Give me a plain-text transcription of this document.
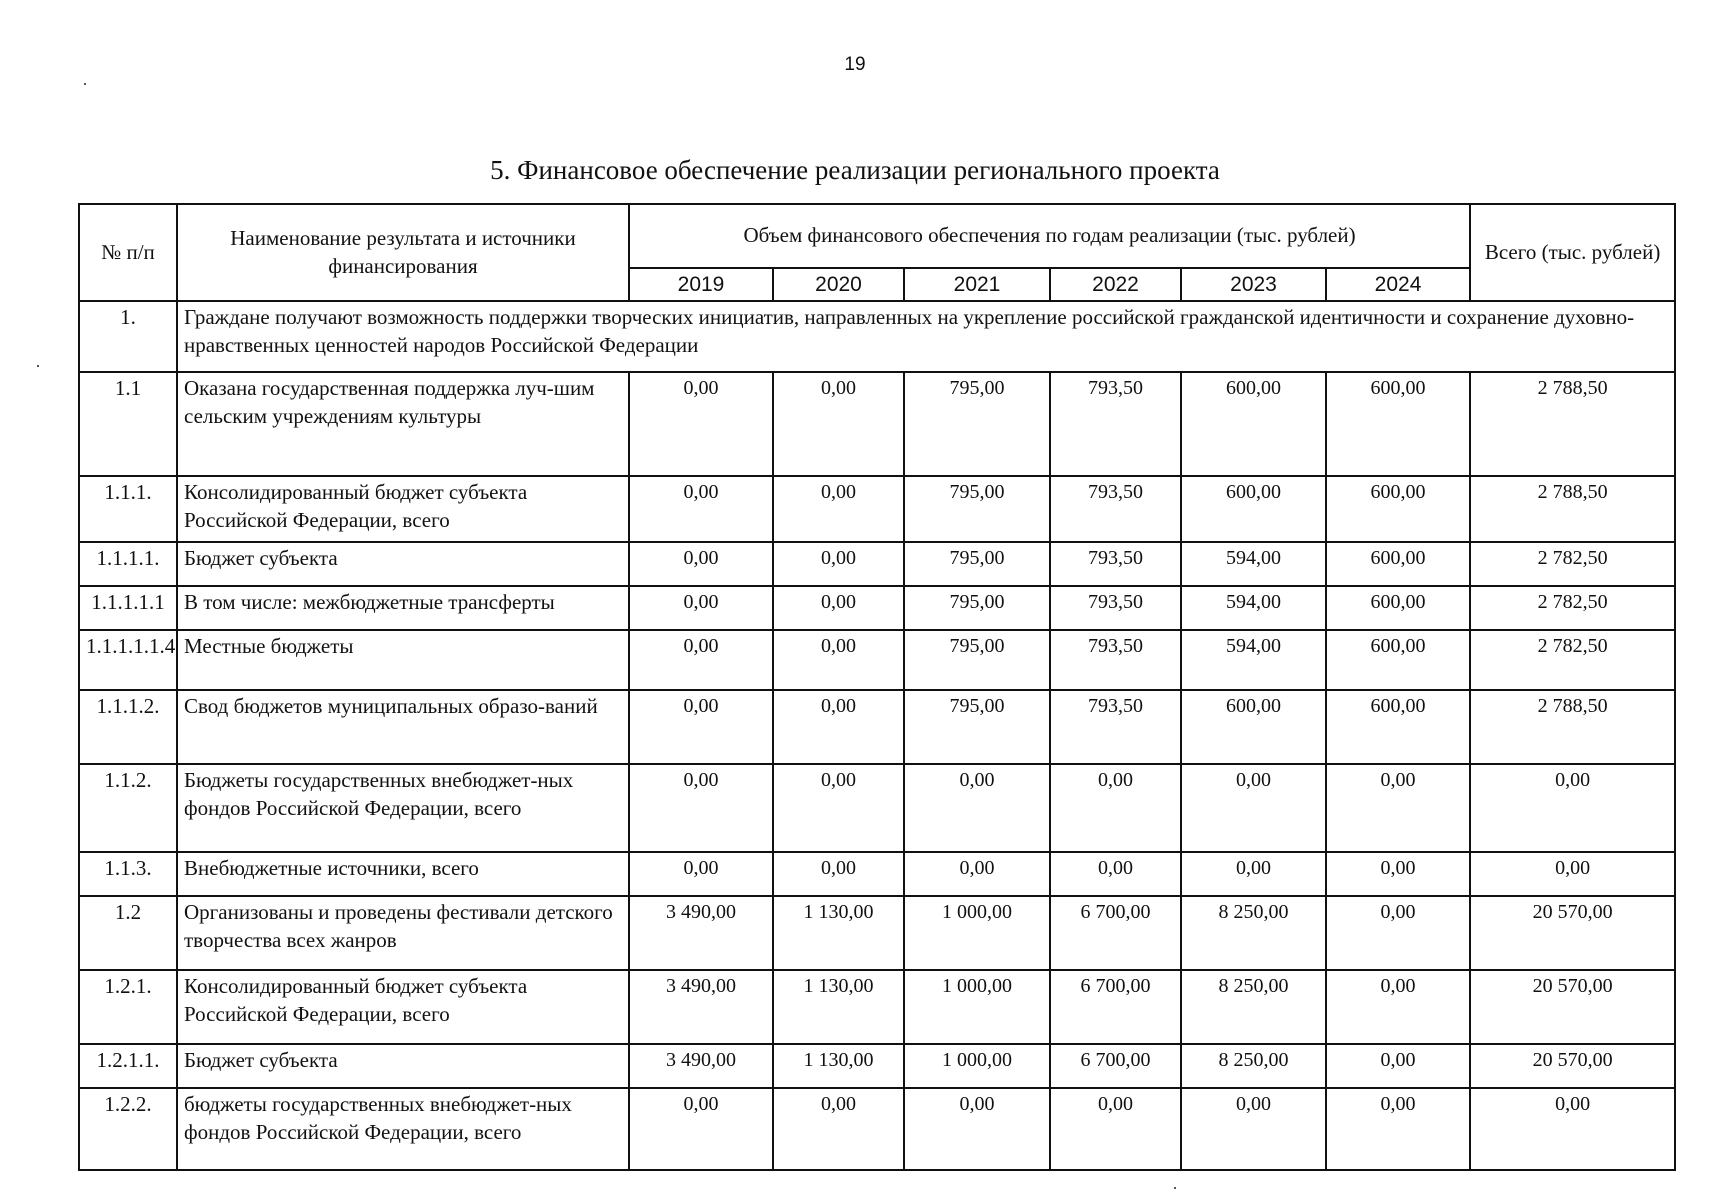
19
5. Финансовое обеспечение реализации регионального проекта
№ п/п	Наименование результата и источники финансирования	Объем финансового обеспечения по годам реализации (тыс. рублей)						Всего (тыс. рублей)
		2019	2020	2021	2022	2023	2024	
1.	Граждане получают возможность поддержки творческих инициатив, направленных на укрепление российской гражданской идентичности и сохранение духовно-нравственных ценностей народов Российской Федерации							
1.1	Оказана государственная поддержка луч-шим сельским учреждениям культуры	0,00	0,00	795,00	793,50	600,00	600,00	2 788,50
1.1.1.	Консолидированный бюджет субъекта Российской Федерации, всего	0,00	0,00	795,00	793,50	600,00	600,00	2 788,50
1.1.1.1.	Бюджет субъекта	0,00	0,00	795,00	793,50	594,00	600,00	2 782,50
1.1.1.1.1	В том числе: межбюджетные трансферты	0,00	0,00	795,00	793,50	594,00	600,00	2 782,50
1.1.1.1.1.4	Местные бюджеты	0,00	0,00	795,00	793,50	594,00	600,00	2 782,50
1.1.1.2.	Свод бюджетов муниципальных образо-ваний	0,00	0,00	795,00	793,50	600,00	600,00	2 788,50
1.1.2.	Бюджеты государственных внебюджет-ных фондов Российской Федерации, всего	0,00	0,00	0,00	0,00	0,00	0,00	0,00
1.1.3.	Внебюджетные источники, всего	0,00	0,00	0,00	0,00	0,00	0,00	0,00
1.2	Организованы и проведены фестивали детского творчества всех жанров	3 490,00	1 130,00	1 000,00	6 700,00	8 250,00	0,00	20 570,00
1.2.1.	Консолидированный бюджет субъекта Российской Федерации, всего	3 490,00	1 130,00	1 000,00	6 700,00	8 250,00	0,00	20 570,00
1.2.1.1.	Бюджет субъекта	3 490,00	1 130,00	1 000,00	6 700,00	8 250,00	0,00	20 570,00
1.2.2.	бюджеты государственных внебюджет-ных фондов Российской Федерации, всего	0,00	0,00	0,00	0,00	0,00	0,00	0,00
